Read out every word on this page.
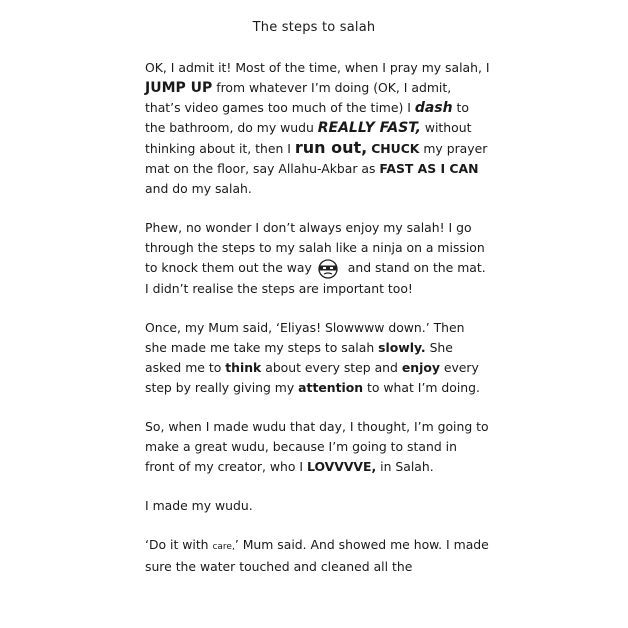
The steps to salah

OK, I admit it! Most of the time, when I pray my salah, I JUMP UP from whatever I’m doing (OK, I admit, that’s video games too much of the time) I dash to the bathroom, do my wudu REALLY FAST, without thinking about it, then I run out, CHUCK my prayer mat on the floor, say Allahu-Akbar as FAST AS I CAN and do my salah.

Phew, no wonder I don’t always enjoy my salah! I go through the steps to my salah like a ninja on a mission to knock them out the way	and stand on the mat. I didn’t realise the steps are important too!

Once, my Mum said, ‘Eliyas! Slowwww down.’ Then she made me take my steps to salah slowly. She asked me to think about every step and enjoy every step by really giving my attention to what I’m doing.

So, when I made wudu that day, I thought, I’m going to make a great wudu, because I’m going to stand in front of my creator, who I LOVVVVE, in Salah.

I made my wudu.

‘Do it with care,’ Mum said. And showed me how. I made sure the water touched and cleaned all the
